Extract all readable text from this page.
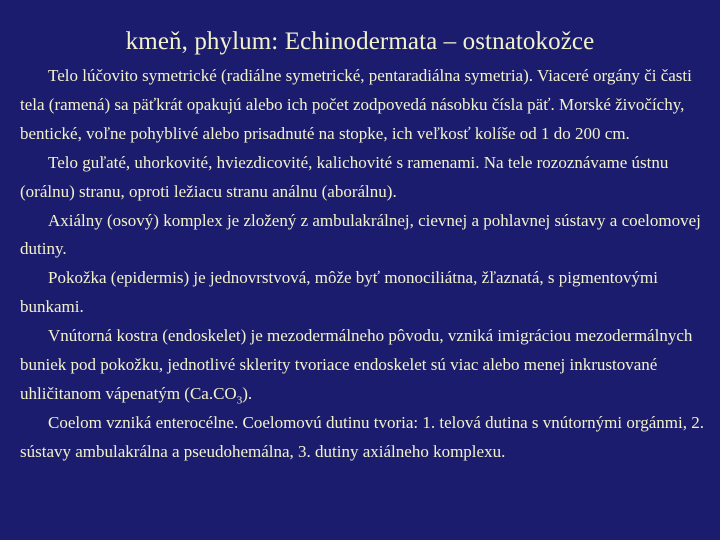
kmeň, phylum: Echinodermata – ostnatokožce

Telo lúčovito symetrické (radiálne symetrické, pentaradiálna symetria). Viaceré orgány či časti tela (ramená) sa päťkrát opakujú alebo ich počet zodpovedá násobku čísla päť. Morské živočíchy, bentické, voľne pohyblivé alebo prisadnuté na stopke, ich veľkosť kolíše od 1 do 200 cm.

Telo guľaté, uhorkovité, hviezdicovité, kalichovité s ramenami. Na tele rozoznávame ústnu (orálnu) stranu, oproti ležiacu stranu análnu (aborálnu).

Axiálny (osový) komplex je zložený z ambulakrálnej, cievnej a pohlavnej sústavy a coelomovej dutiny.

Pokožka (epidermis) je jednovrstvová, môže byť monociliátna, žľaznatá, s pigmentovými bunkami.

Vnútorná kostra (endoskelet) je mezodermálneho pôvodu, vzniká imigráciou mezodermálnych buniek pod pokožku, jednotlivé sklerity tvoriace endoskelet sú viac alebo menej inkrustované uhličitanom vápenatým $(Ca.CO_3)$.

Coelom vzniká enterocélne. Coelomovú dutinu tvoria: 1. telová dutina s vnútornými orgánmi, 2. sústavy ambulakrálna a pseudohemálna, 3. dutiny axiálneho komplexu.
